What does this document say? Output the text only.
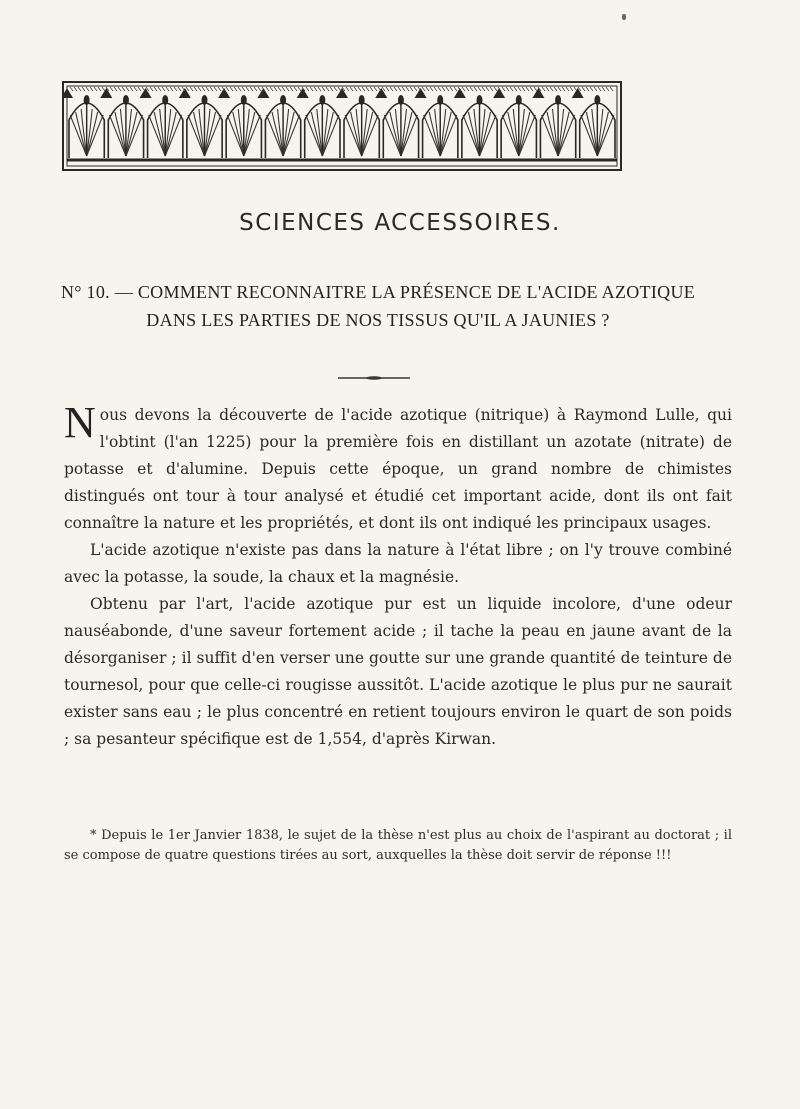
SCIENCES ACCESSOIRES.
N° 10. — COMMENT RECONNAITRE LA PRÉSENCE DE L'ACIDE AZOTIQUE DANS LES PARTIES DE NOS TISSUS QU'IL A JAUNIES ?

Nous devons la découverte de l'acide azotique (nitrique) à Raymond Lulle, qui l'obtint (l'an 1225) pour la première fois en distillant un azotate (nitrate) de potasse et d'alumine. Depuis cette époque, un grand nombre de chimistes distingués ont tour à tour analysé et étudié cet important acide, dont ils ont fait connaître la nature et les propriétés, et dont ils ont indiqué les principaux usages.

L'acide azotique n'existe pas dans la nature à l'état libre ; on l'y trouve combiné avec la potasse, la soude, la chaux et la magnésie.

Obtenu par l'art, l'acide azotique pur est un liquide incolore, d'une odeur nauséabonde, d'une saveur fortement acide ; il tache la peau en jaune avant de la désorganiser ; il suffit d'en verser une goutte sur une grande quantité de teinture de tournesol, pour que celle-ci rougisse aussitôt. L'acide azotique le plus pur ne saurait exister sans eau ; le plus concentré en retient toujours environ le quart de son poids ; sa pesanteur spécifique est de 1,554, d'après Kirwan.

* Depuis le 1er Janvier 1838, le sujet de la thèse n'est plus au choix de l'aspirant au doctorat ; il se compose de quatre questions tirées au sort, auxquelles la thèse doit servir de réponse !!!
